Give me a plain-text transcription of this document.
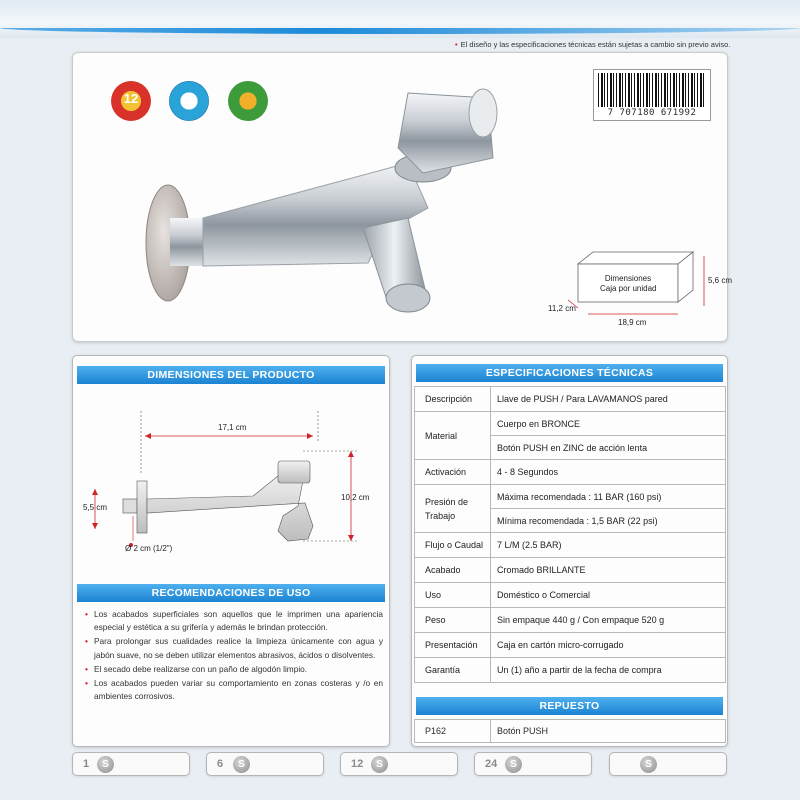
• El diseño y las especificaciones técnicas están sujetas a cambio sin previo aviso.
12
7 707180 671992
Dimensiones
Caja por unidad
11,2 cm
18,9 cm
5,6 cm
DIMENSIONES DEL PRODUCTO
17,1 cm
10,2 cm
5,5 cm
Ø 2 cm (1/2")
RECOMENDACIONES DE USO
• Los acabados superficiales son aquellos que le imprimen una apariencia especial y estética a su grifería y además le brindan protección.
• Para prolongar sus cualidades realice la limpieza únicamente con agua y jabón suave, no se deben utilizar elementos abrasivos, ácidos o disolventes.
• El secado debe realizarse con un paño de algodón limpio.
• Los acabados pueden variar su comportamiento en zonas costeras y /o en ambientes corrosivos.
ESPECIFICACIONES TÉCNICAS
Descripción	Llave de PUSH / Para LAVAMANOS pared
Material	Cuerpo en BRONCE
	Botón PUSH en ZINC de acción lenta
Activación	4 - 8 Segundos
Presión de Trabajo	Máxima recomendada : 11 BAR (160 psi)
	Mínima recomendada : 1,5 BAR (22 psi)
Flujo o Caudal	7 L/M (2.5 BAR)
Acabado	Cromado BRILLANTE
Uso	Doméstico o Comercial
Peso	Sin empaque 440 g / Con empaque 520 g
Presentación	Caja en cartón micro-corrugado
Garantía	Un (1) año a partir de la fecha de compra
REPUESTO
P162	Botón PUSH
1	S	6	S	12	S	24	S	S
